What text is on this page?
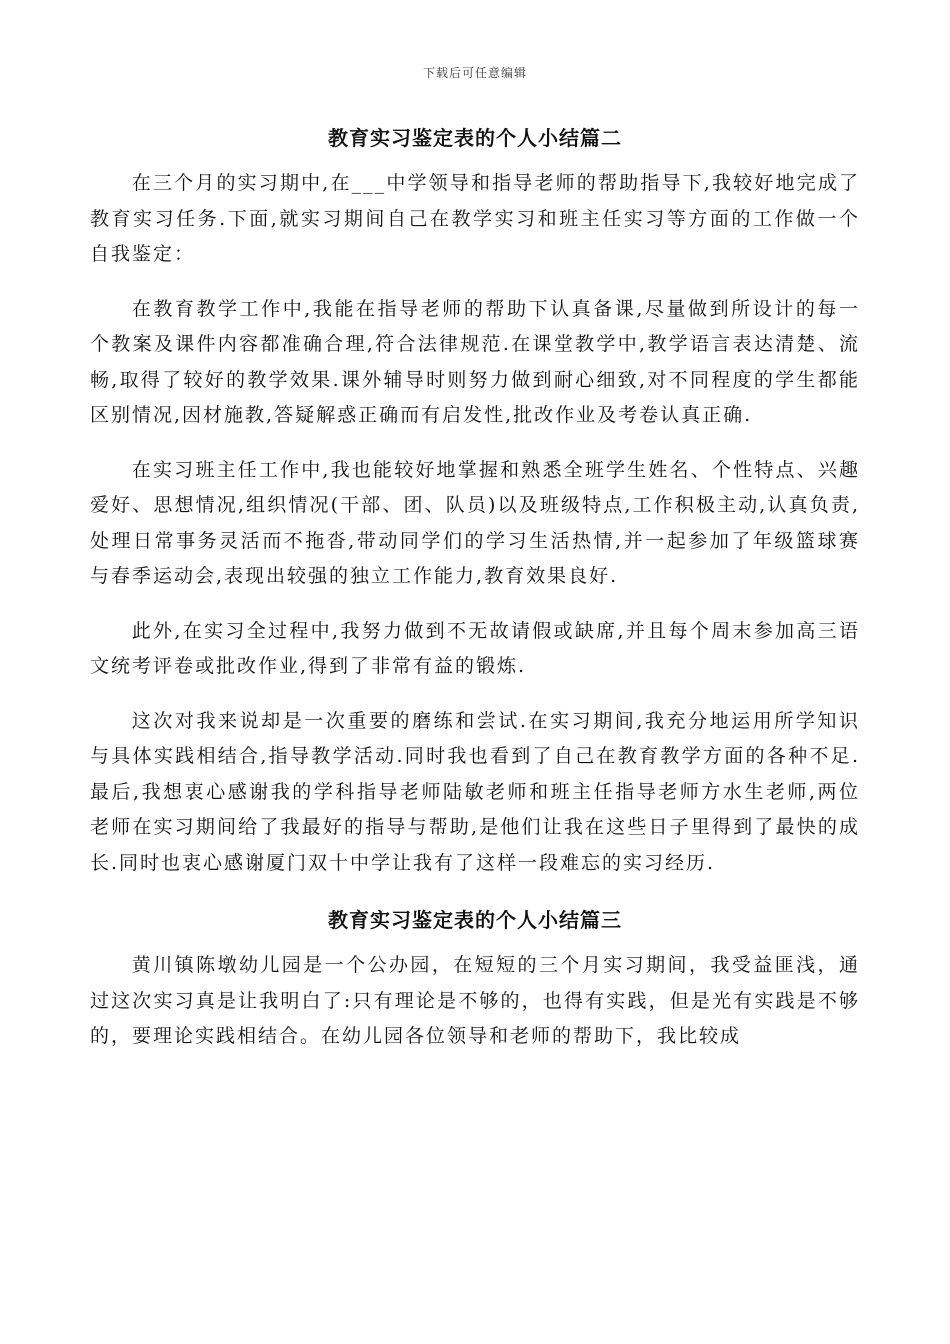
下载后可任意编辑
教育实习鉴定表的个人小结篇二

在三个月的实习期中,在___中学领导和指导老师的帮助指导下,我较好地完成了教育实习任务.下面,就实习期间自己在教学实习和班主任实习等方面的工作做一个自我鉴定：

在教育教学工作中,我能在指导老师的帮助下认真备课,尽量做到所设计的每一个教案及课件内容都准确合理,符合法律规范.在课堂教学中,教学语言表达清楚、流畅,取得了较好的教学效果.课外辅导时则努力做到耐心细致,对不同程度的学生都能区别情况,因材施教,答疑解惑正确而有启发性,批改作业及考卷认真正确.

在实习班主任工作中,我也能较好地掌握和熟悉全班学生姓名、个性特点、兴趣爱好、思想情况,组织情况(干部、团、队员)以及班级特点,工作积极主动,认真负责,处理日常事务灵活而不拖沓,带动同学们的学习生活热情,并一起参加了年级篮球赛与春季运动会,表现出较强的独立工作能力,教育效果良好.

此外,在实习全过程中,我努力做到不无故请假或缺席,并且每个周末参加高三语文统考评卷或批改作业,得到了非常有益的锻炼.

这次对我来说却是一次重要的磨练和尝试.在实习期间,我充分地运用所学知识与具体实践相结合,指导教学活动.同时我也看到了自己在教育教学方面的各种不足.最后,我想衷心感谢我的学科指导老师陆敏老师和班主任指导老师方水生老师,两位老师在实习期间给了我最好的指导与帮助,是他们让我在这些日子里得到了最快的成长.同时也衷心感谢厦门双十中学让我有了这样一段难忘的实习经历.

教育实习鉴定表的个人小结篇三

黄川镇陈墩幼儿园是一个公办园，在短短的三个月实习期间，我受益匪浅，通过这次实习真是让我明白了:只有理论是不够的，也得有实践，但是光有实践是不够的，要理论实践相结合。在幼儿园各位领导和老师的帮助下，我比较成
